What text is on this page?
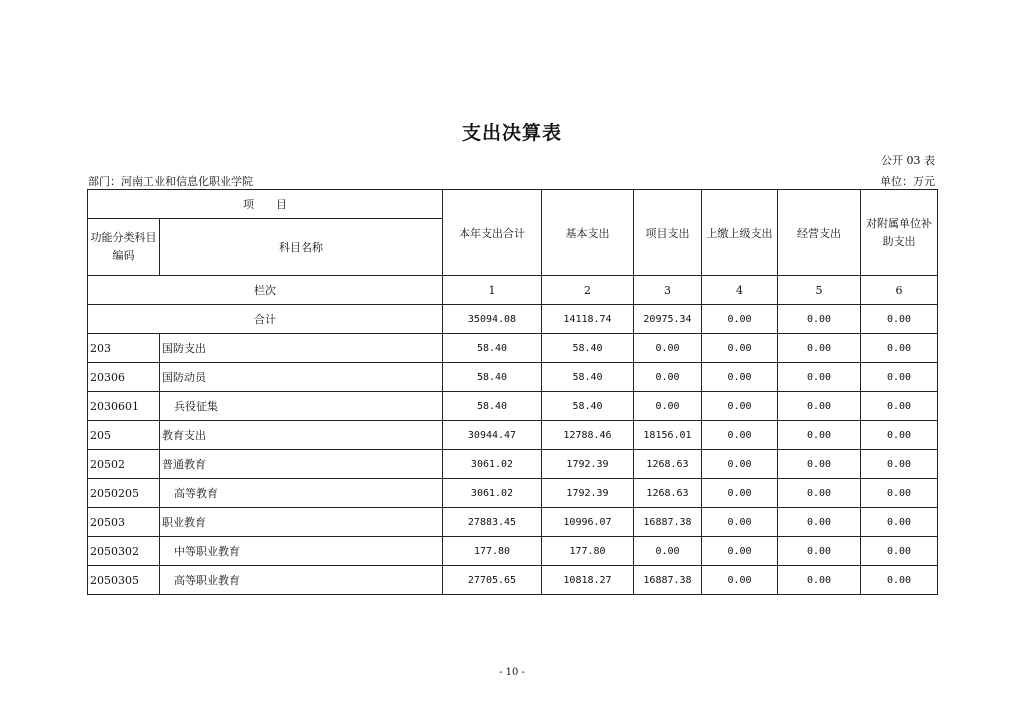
支出决算表
公开 03 表
部门：河南工业和信息化职业学院	单位：万元
项　　目		本年支出合计	基本支出	项目支出	上缴上级支出	经营支出	对附属单位补助支出
功能分类科目编码	科目名称						
栏次		1	2	3	4	5	6
合计		35094.08	14118.74	20975.34	0.00	0.00	0.00
203	国防支出	58.40	58.40	0.00	0.00	0.00	0.00
20306	国防动员	58.40	58.40	0.00	0.00	0.00	0.00
2030601	兵役征集	58.40	58.40	0.00	0.00	0.00	0.00
205	教育支出	30944.47	12788.46	18156.01	0.00	0.00	0.00
20502	普通教育	3061.02	1792.39	1268.63	0.00	0.00	0.00
2050205	高等教育	3061.02	1792.39	1268.63	0.00	0.00	0.00
20503	职业教育	27883.45	10996.07	16887.38	0.00	0.00	0.00
2050302	中等职业教育	177.80	177.80	0.00	0.00	0.00	0.00
2050305	高等职业教育	27705.65	10818.27	16887.38	0.00	0.00	0.00
- 10 -
